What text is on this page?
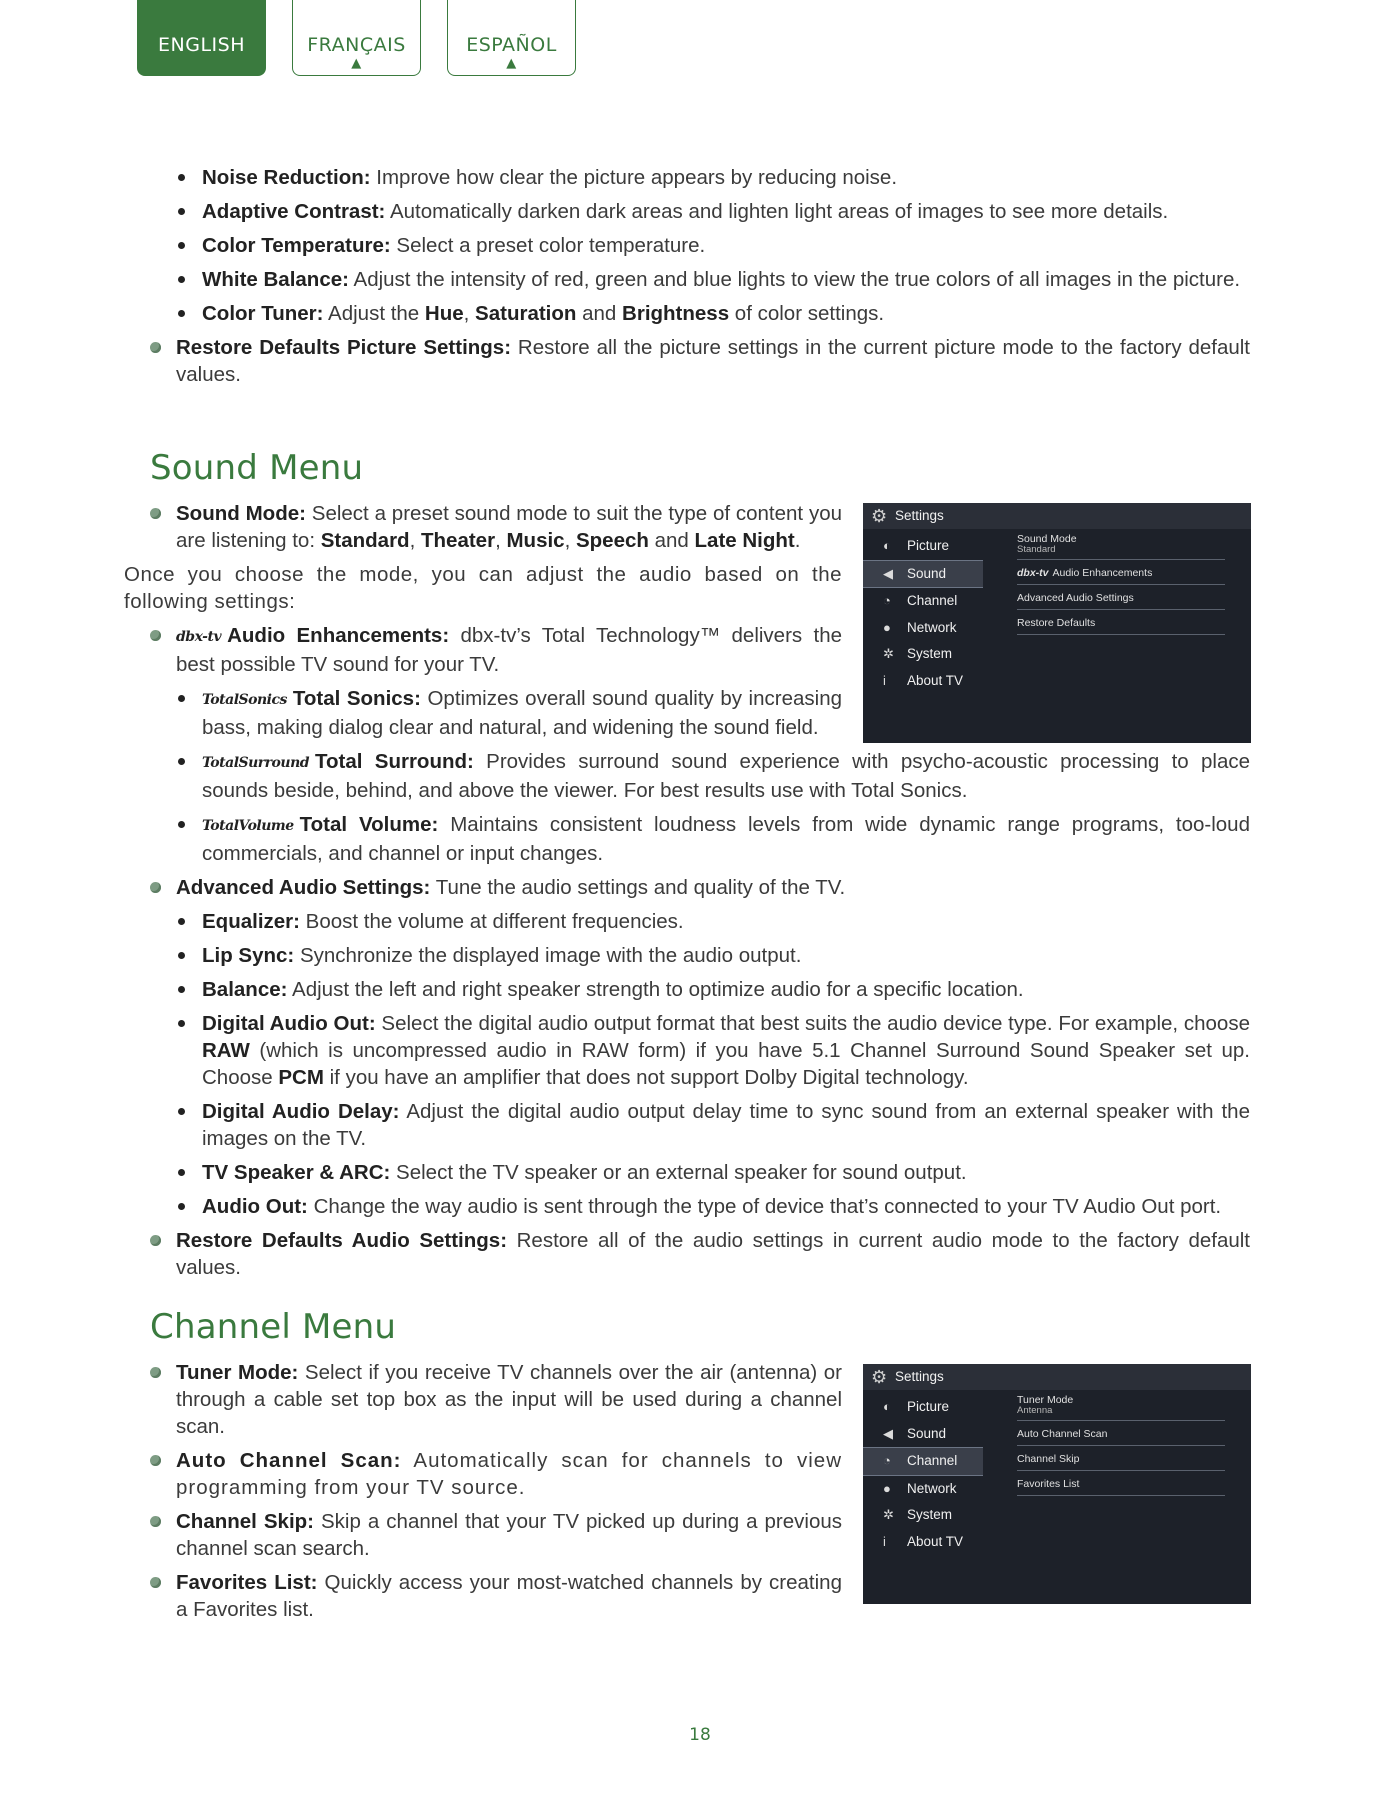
ENGLISH	FRANÇAIS
▲
ESPAÑOL
▲
Noise Reduction: Improve how clear the picture appears by reducing noise.
Adaptive Contrast: Automatically darken dark areas and lighten light areas of images to see more details.
Color Temperature: Select a preset color temperature.
White Balance: Adjust the intensity of red, green and blue lights to view the true colors of all images in the picture.
Color Tuner: Adjust the Hue, Saturation and Brightness of color settings.
Restore Defaults Picture Settings: Restore all the picture settings in the current picture mode to the factory default values.
Sound Menu
Sound Mode: Select a preset sound mode to suit the type of content you are listening to: Standard, Theater, Music, Speech and Late Night.

Once you choose the mode, you can adjust the audio based on the following settings:

dbx-tv Audio Enhancements: dbx-tv’s Total Technology™ delivers the best possible TV sound for your TV.
TotalSonics Total Sonics: Optimizes overall sound quality by increasing bass, making dialog clear and natural, and widening the sound field.
TotalSurround Total Surround: Provides surround sound experience with psycho-acoustic processing to place sounds beside, behind, and above the viewer. For best results use with Total Sonics.
TotalVolume Total Volume: Maintains consistent loudness levels from wide dynamic range programs, too-loud commercials, and channel or input changes.
Advanced Audio Settings: Tune the audio settings and quality of the TV.
Equalizer: Boost the volume at different frequencies.
Lip Sync: Synchronize the displayed image with the audio output.
Balance: Adjust the left and right speaker strength to optimize audio for a specific location.
Digital Audio Out: Select the digital audio output format that best suits the audio device type. For example, choose RAW (which is uncompressed audio in RAW form) if you have 5.1 Channel Surround Sound Speaker set up. Choose PCM if you have an amplifier that does not support Dolby Digital technology.
Digital Audio Delay: Adjust the digital audio output delay time to sync sound from an external speaker with the images on the TV.
TV Speaker & ARC: Select the TV speaker or an external speaker for sound output.
Audio Out: Change the way audio is sent through the type of device that’s connected to your TV Audio Out port.
Restore Defaults Audio Settings: Restore all of the audio settings in current audio mode to the factory default values.
⚙ Settings
◐ Picture
◀ Sound
◔ Channel
● Network
✲ System
i About TV
Sound Mode
Standard
dbx-tv Audio Enhancements
Advanced Audio Settings
Restore Defaults
Channel Menu
Tuner Mode: Select if you receive TV channels over the air (antenna) or through a cable set top box as the input will be used during a channel scan.
Auto Channel Scan: Automatically scan for channels to view programming from your TV source.
Channel Skip: Skip a channel that your TV picked up during a previous channel scan search.
Favorites List: Quickly access your most-watched channels by creating a Favorites list.
⚙ Settings
◐ Picture
◀ Sound
◔ Channel
● Network
✲ System
i About TV
Tuner Mode
Antenna
Auto Channel Scan
Channel Skip
Favorites List
18
